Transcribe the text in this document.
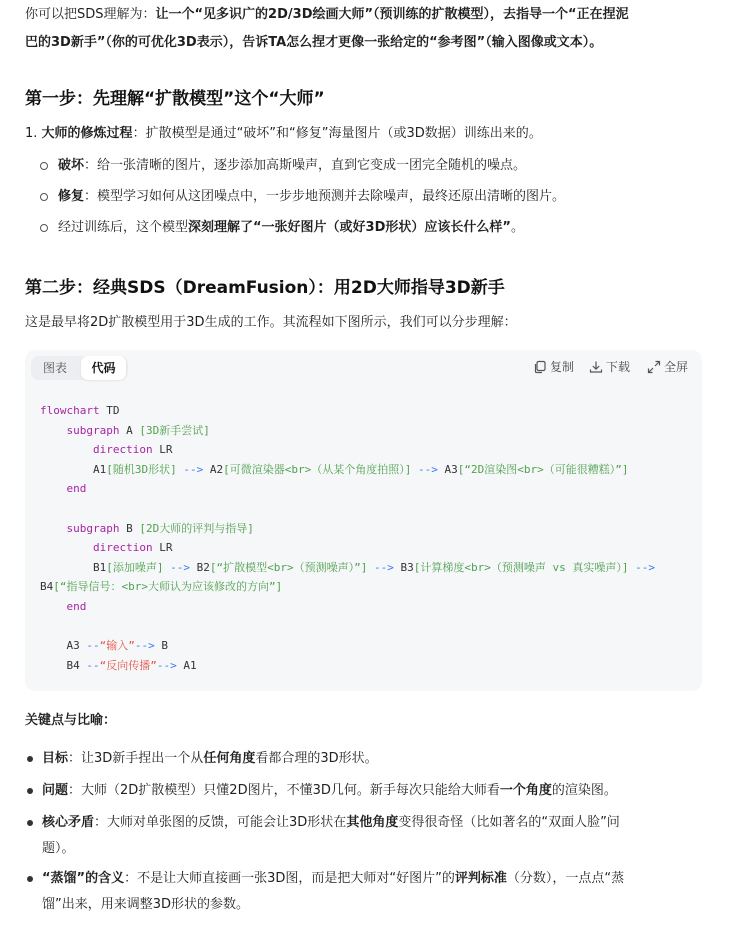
你可以把SDS理解为：让一个“见多识广的2D/3D绘画大师”（预训练的扩散模型），去指导一个“正在捏泥
巴的3D新手”（你的可优化3D表示），告诉TA怎么捏才更像一张给定的“参考图”（输入图像或文本）。
第一步：先理解“扩散模型”这个“大师”
1. 大师的修炼过程：扩散模型是通过“破坏”和“修复”海量图片（或3D数据）训练出来的。
破坏：给一张清晰的图片，逐步添加高斯噪声，直到它变成一团完全随机的噪点。
修复：模型学习如何从这团噪点中，一步步地预测并去除噪声，最终还原出清晰的图片。
经过训练后，这个模型深刻理解了“一张好图片（或好3D形状）应该长什么样”。
第二步：经典SDS（DreamFusion）：用2D大师指导3D新手
这是最早将2D扩散模型用于3D生成的工作。其流程如下图所示，我们可以分步理解：
图表	代码	复制	下载	全屏
flowchart TD
subgraph A [3D新手尝试]
direction LR
A1[随机3D形状] --> A2[可微渲染器<br>（从某个角度拍照）] --> A3[“2D渲染图<br>（可能很糟糕）”]
end

subgraph B [2D大师的评判与指导]
direction LR
B1[添加噪声] --> B2[“扩散模型<br>（预测噪声）”] --> B3[计算梯度<br>（预测噪声 vs 真实噪声）] -->
B4[“指导信号：<br>大师认为应该修改的方向”]
end

A3 --“输入”--> B
B4 --“反向传播”--> A1
关键点与比喻：
目标：让3D新手捏出一个从任何角度看都合理的3D形状。
问题：大师（2D扩散模型）只懂2D图片，不懂3D几何。新手每次只能给大师看一个角度的渲染图。
核心矛盾：大师对单张图的反馈，可能会让3D形状在其他角度变得很奇怪（比如著名的“双面人脸”问
题）。
“蒸馏”的含义：不是让大师直接画一张3D图，而是把大师对“好图片”的评判标准（分数），一点点“蒸
馏”出来，用来调整3D形状的参数。
